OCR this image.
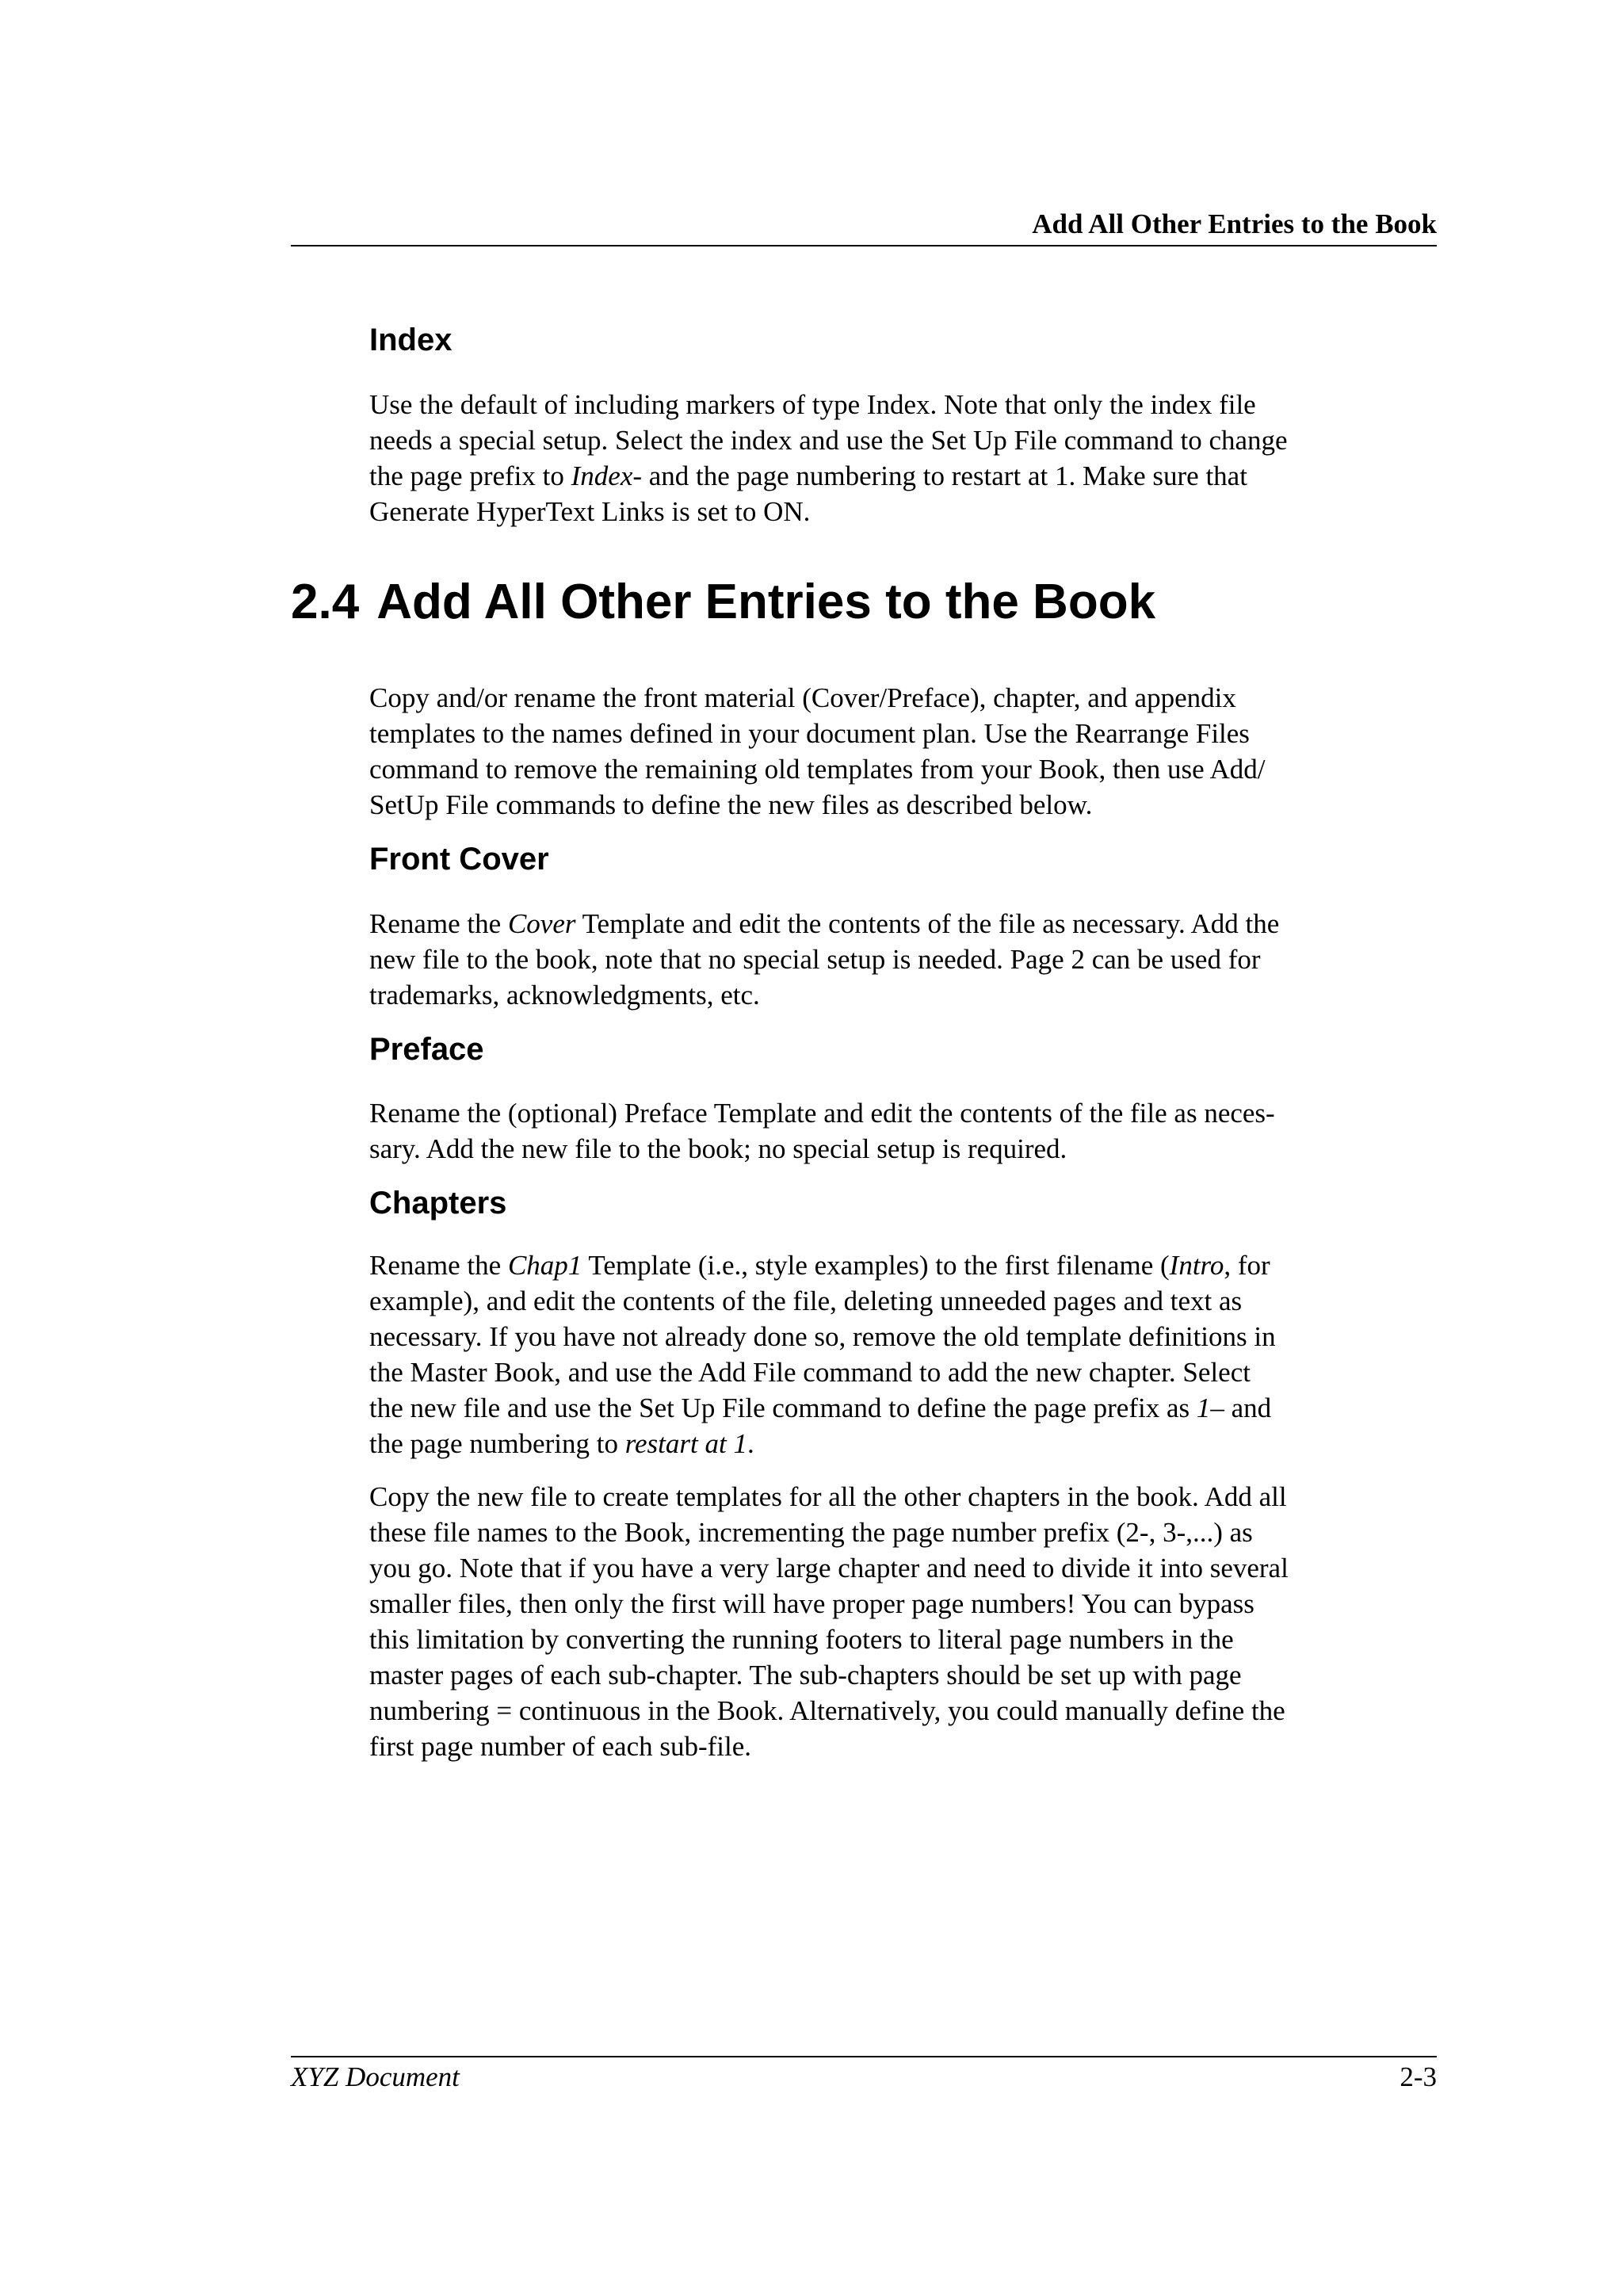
Add All Other Entries to the Book
Index
Use the default of including markers of type Index. Note that only the index file
needs a special setup. Select the index and use the Set Up File command to change
the page prefix to Index- and the page numbering to restart at 1. Make sure that
Generate HyperText Links is set to ON.
2.4 Add All Other Entries to the Book
Copy and/or rename the front material (Cover/Preface), chapter, and appendix
templates to the names defined in your document plan. Use the Rearrange Files
command to remove the remaining old templates from your Book, then use Add/
SetUp File commands to define the new files as described below.
Front Cover
Rename the Cover Template and edit the contents of the file as necessary. Add the
new file to the book, note that no special setup is needed. Page 2 can be used for
trademarks, acknowledgments, etc.
Preface
Rename the (optional) Preface Template and edit the contents of the file as neces-
sary. Add the new file to the book; no special setup is required.
Chapters
Rename the Chap1 Template (i.e., style examples) to the first filename (Intro, for
example), and edit the contents of the file, deleting unneeded pages and text as
necessary. If you have not already done so, remove the old template definitions in
the Master Book, and use the Add File command to add the new chapter. Select
the new file and use the Set Up File command to define the page prefix as 1– and
the page numbering to restart at 1.
Copy the new file to create templates for all the other chapters in the book. Add all
these file names to the Book, incrementing the page number prefix (2-, 3-,...) as
you go. Note that if you have a very large chapter and need to divide it into several
smaller files, then only the first will have proper page numbers! You can bypass
this limitation by converting the running footers to literal page numbers in the
master pages of each sub-chapter. The sub-chapters should be set up with page
numbering = continuous in the Book. Alternatively, you could manually define the
first page number of each sub-file.
XYZ Document	2-3
